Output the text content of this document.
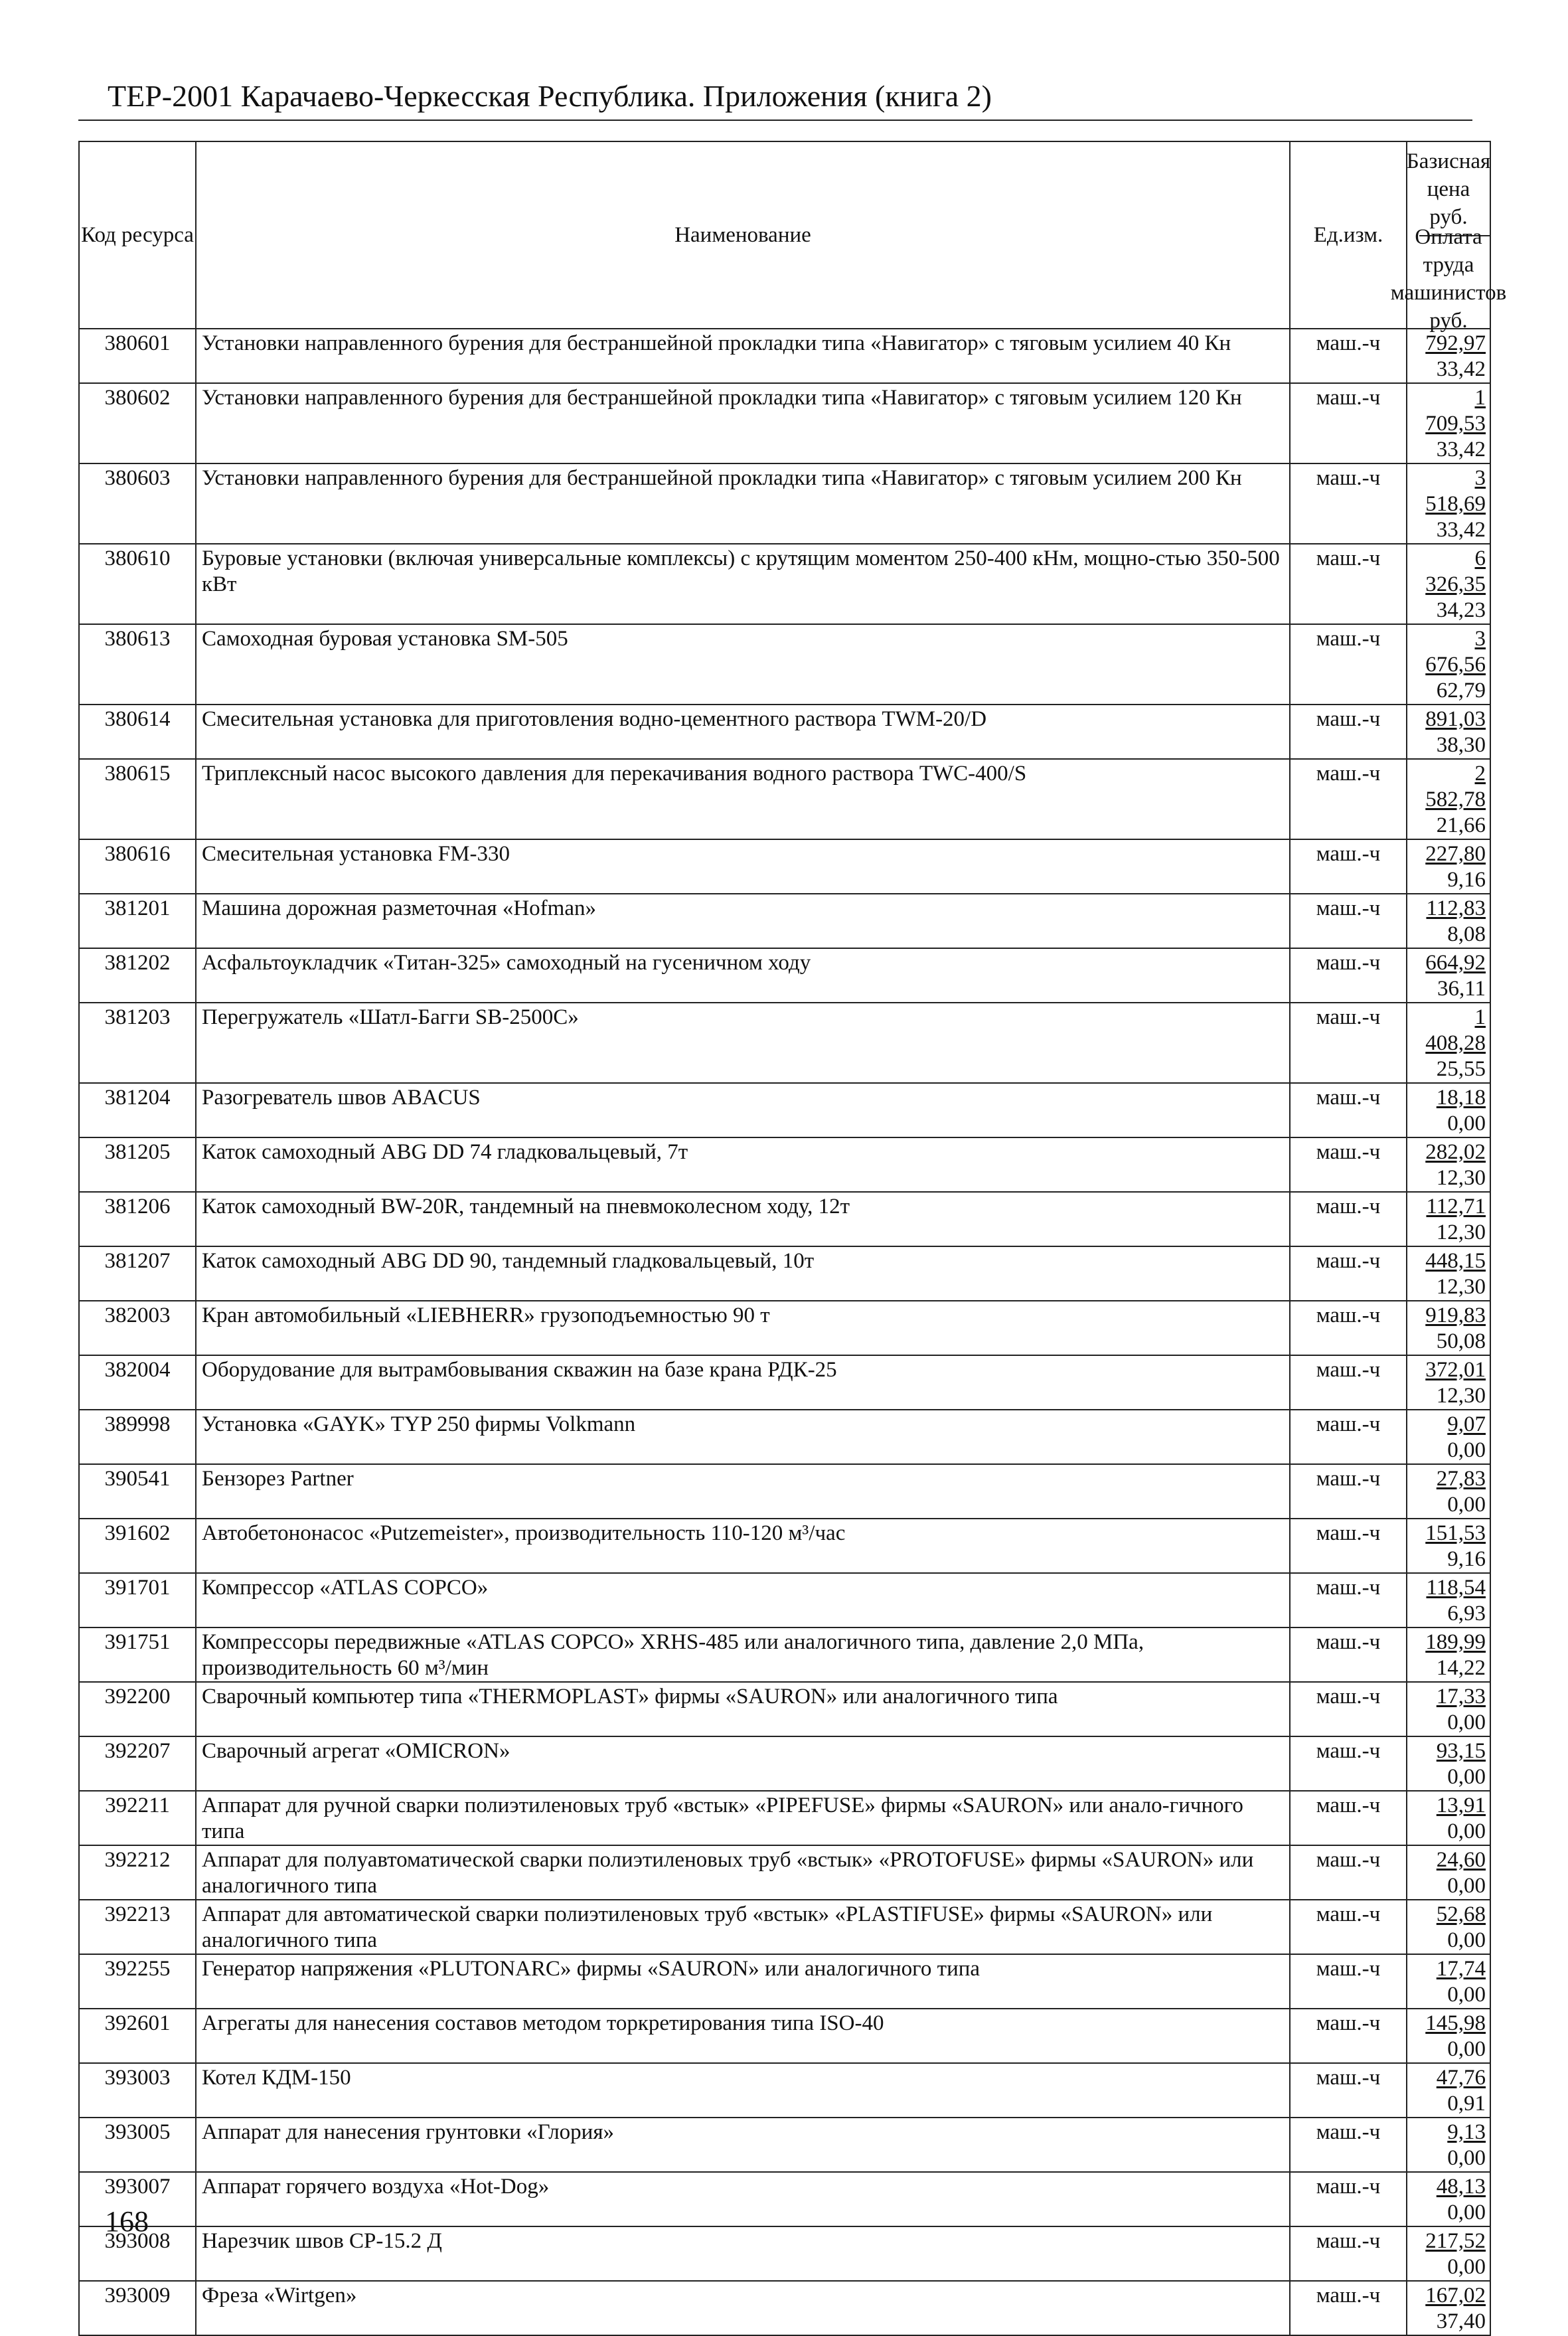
ТЕР-2001 Карачаево-Черкесская Республика. Приложения (книга 2)
Код ресурса	Наименование	Ед.изм.	Базисная цена руб.
Оплата труда машинистов руб.

380601	Установки направленного бурения для бестраншейной прокладки типа «Навигатор» с тяговым усилием 40 Кн	маш.-ч	792,97
33,42

380602	Установки направленного бурения для бестраншейной прокладки типа «Навигатор» с тяговым усилием 120 Кн	маш.-ч	1 709,53
33,42

380603	Установки направленного бурения для бестраншейной прокладки типа «Навигатор» с тяговым усилием 200 Кн	маш.-ч	3 518,69
33,42

380610	Буровые установки (включая универсальные комплексы) с крутящим моментом 250-400 кНм, мощно-стью 350-500 кВт	маш.-ч	6 326,35
34,23

380613	Самоходная буровая установка SM-505	маш.-ч	3 676,56
62,79

380614	Смесительная установка для приготовления водно-цементного раствора TWM-20/D	маш.-ч	891,03
38,30

380615	Триплексный насос высокого давления для перекачивания водного раствора TWC-400/S	маш.-ч	2 582,78
21,66

380616	Смесительная установка FM-330	маш.-ч	227,80
9,16

381201	Машина дорожная разметочная «Hofman»	маш.-ч	112,83
8,08

381202	Асфальтоукладчик «Титан-325» самоходный на гусеничном ходу	маш.-ч	664,92
36,11

381203	Перегружатель «Шатл-Багги SB-2500C»	маш.-ч	1 408,28
25,55

381204	Разогреватель швов ABACUS	маш.-ч	18,18
0,00

381205	Каток самоходный ABG DD 74 гладковальцевый, 7т	маш.-ч	282,02
12,30

381206	Каток самоходный BW-20R, тандемный на пневмоколесном ходу, 12т	маш.-ч	112,71
12,30

381207	Каток самоходный ABG DD 90, тандемный гладковальцевый, 10т	маш.-ч	448,15
12,30

382003	Кран автомобильный «LIEBHERR» грузоподъемностью 90 т	маш.-ч	919,83
50,08

382004	Оборудование для вытрамбовывания скважин на базе крана РДК-25	маш.-ч	372,01
12,30

389998	Установка «GAYK» TYP 250 фирмы Volkmann	маш.-ч	9,07
0,00

390541	Бензорез Partner	маш.-ч	27,83
0,00

391602	Автобетононасос «Putzemeister», производительность 110-120 м³/час	маш.-ч	151,53
9,16

391701	Компрессор «ATLAS COPCO»	маш.-ч	118,54
6,93

391751	Компрессоры передвижные «ATLAS COPCO» XRHS-485 или аналогичного типа, давление 2,0 МПа, производительность 60 м³/мин	маш.-ч	189,99
14,22

392200	Сварочный компьютер типа «THERMOPLAST» фирмы «SAURON» или аналогичного типа	маш.-ч	17,33
0,00

392207	Сварочный агрегат «OMICRON»	маш.-ч	93,15
0,00

392211	Аппарат для ручной сварки полиэтиленовых труб «встык» «PIPEFUSE» фирмы «SAURON» или анало-гичного типа	маш.-ч	13,91
0,00

392212	Аппарат для полуавтоматической сварки полиэтиленовых труб «встык» «PROTOFUSE» фирмы «SAURON» или аналогичного типа	маш.-ч	24,60
0,00

392213	Аппарат для автоматической сварки полиэтиленовых труб «встык» «PLASTIFUSE» фирмы «SAURON» или аналогичного типа	маш.-ч	52,68
0,00

392255	Генератор напряжения «PLUTONARC» фирмы «SAURON» или аналогичного типа	маш.-ч	17,74
0,00

392601	Агрегаты для нанесения составов методом торкретирования типа ISO-40	маш.-ч	145,98
0,00

393003	Котел КДМ-150	маш.-ч	47,76
0,91

393005	Аппарат для нанесения грунтовки «Глория»	маш.-ч	9,13
0,00

393007	Аппарат горячего воздуха «Hot-Dog»	маш.-ч	48,13
0,00

393008	Нарезчик швов CP-15.2 Д	маш.-ч	217,52
0,00

393009	Фреза «Wirtgen»	маш.-ч	167,02
37,40
168
